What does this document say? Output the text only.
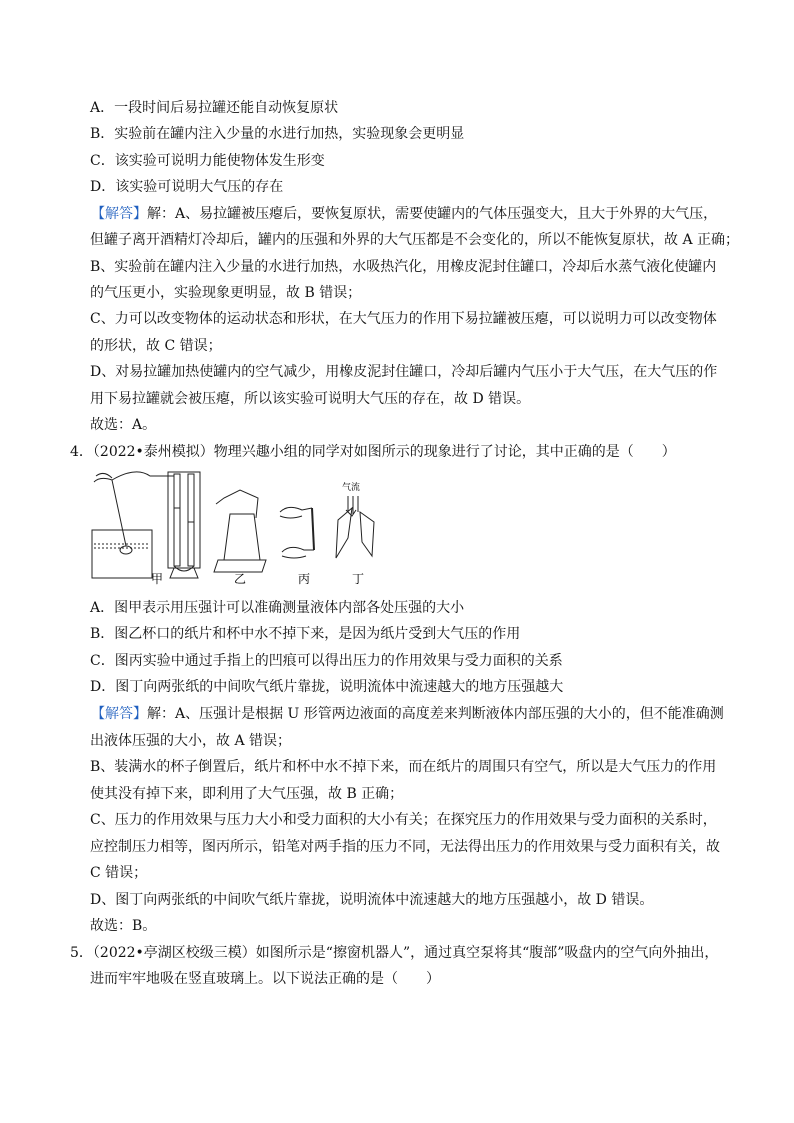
A．一段时间后易拉罐还能自动恢复原状
B．实验前在罐内注入少量的水进行加热，实验现象会更明显
C．该实验可说明力能使物体发生形变
D．该实验可说明大气压的存在
【解答】解：A、易拉罐被压瘪后，要恢复原状，需要使罐内的气体压强变大，且大于外界的大气压，
但罐子离开酒精灯冷却后，罐内的压强和外界的大气压都是不会变化的，所以不能恢复原状，故 A 正确；
B、实验前在罐内注入少量的水进行加热，水吸热汽化，用橡皮泥封住罐口，冷却后水蒸气液化使罐内
的气压更小，实验现象更明显，故 B 错误；
C、力可以改变物体的运动状态和形状，在大气压力的作用下易拉罐被压瘪，可以说明力可以改变物体
的形状，故 C 错误；
D、对易拉罐加热使罐内的空气减少，用橡皮泥封住罐口，冷却后罐内气压小于大气压，在大气压的作
用下易拉罐就会被压瘪，所以该实验可说明大气压的存在，故 D 错误。
故选：A。
4．（2022•泰州模拟）物理兴趣小组的同学对如图所示的现象进行了讨论，其中正确的是（　　）
甲	乙	丙	丁
气流
A．图甲表示用压强计可以准确测量液体内部各处压强的大小
B．图乙杯口的纸片和杯中水不掉下来，是因为纸片受到大气压的作用
C．图丙实验中通过手指上的凹痕可以得出压力的作用效果与受力面积的关系
D．图丁向两张纸的中间吹气纸片靠拢，说明流体中流速越大的地方压强越大
【解答】解：A、压强计是根据 U 形管两边液面的高度差来判断液体内部压强的大小的，但不能准确测
出液体压强的大小，故 A 错误；
B、装满水的杯子倒置后，纸片和杯中水不掉下来，而在纸片的周围只有空气，所以是大气压力的作用
使其没有掉下来，即利用了大气压强，故 B 正确；
C、压力的作用效果与压力大小和受力面积的大小有关；在探究压力的作用效果与受力面积的关系时，
应控制压力相等，图丙所示，铅笔对两手指的压力不同，无法得出压力的作用效果与受力面积有关，故
C 错误；
D、图丁向两张纸的中间吹气纸片靠拢，说明流体中流速越大的地方压强越小，故 D 错误。
故选：B。
5．（2022•亭湖区校级三模）如图所示是“擦窗机器人”，通过真空泵将其“腹部”吸盘内的空气向外抽出，
进而牢牢地吸在竖直玻璃上。以下说法正确的是（　　）
